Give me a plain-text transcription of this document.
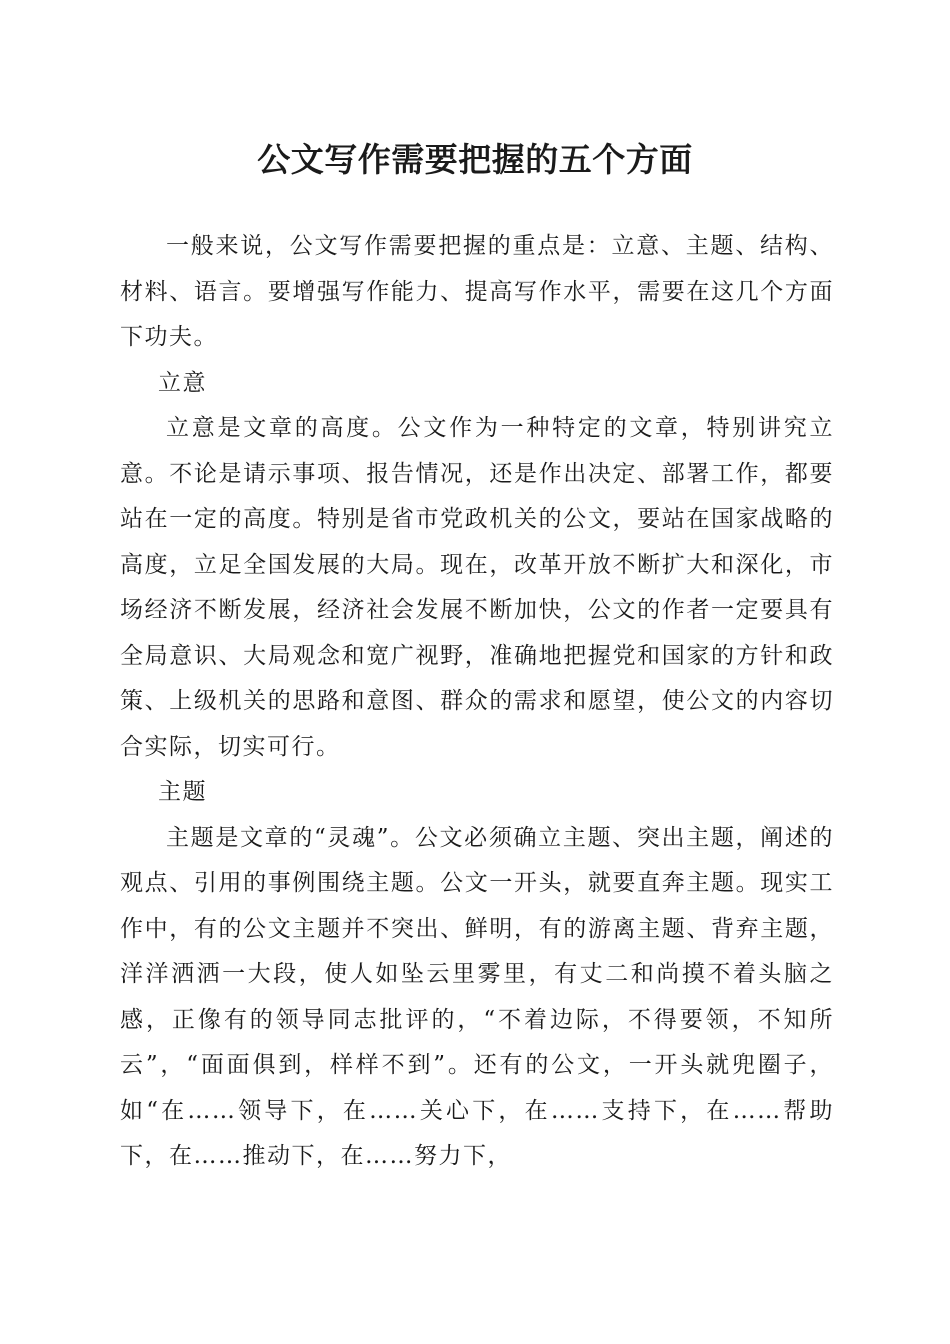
公文写作需要把握的五个方面

一般来说，公文写作需要把握的重点是：立意、主题、结构、材料、语言。要增强写作能力、提高写作水平，需要在这几个方面下功夫。

立意

立意是文章的高度。公文作为一种特定的文章，特别讲究立意。不论是请示事项、报告情况，还是作出决定、部署工作，都要站在一定的高度。特别是省市党政机关的公文，要站在国家战略的高度，立足全国发展的大局。现在，改革开放不断扩大和深化，市场经济不断发展，经济社会发展不断加快，公文的作者一定要具有全局意识、大局观念和宽广视野，准确地把握党和国家的方针和政策、上级机关的思路和意图、群众的需求和愿望，使公文的内容切合实际，切实可行。

主题

主题是文章的“灵魂”。公文必须确立主题、突出主题，阐述的观点、引用的事例围绕主题。公文一开头，就要直奔主题。现实工作中，有的公文主题并不突出、鲜明，有的游离主题、背弃主题，洋洋洒洒一大段，使人如坠云里雾里，有丈二和尚摸不着头脑之感，正像有的领导同志批评的，“不着边际，不得要领，不知所云”，“面面俱到，样样不到”。还有的公文，一开头就兜圈子，如“在……领导下，在……关心下，在……支持下，在……帮助下，在……推动下，在……努力下，
